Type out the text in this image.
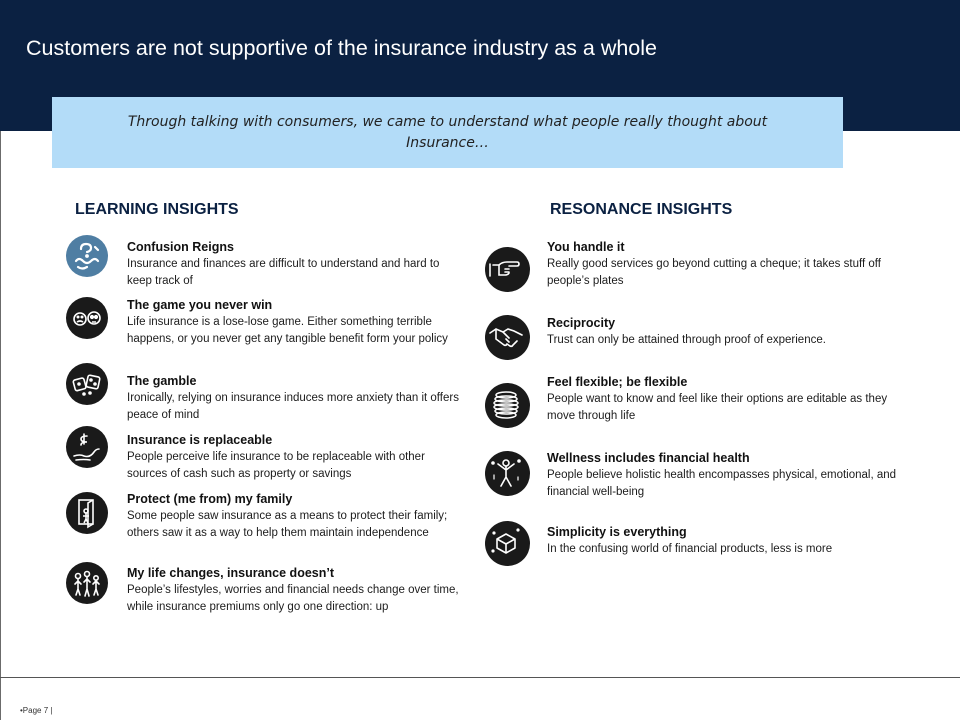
Customers are not supportive of the insurance industry as a whole
Through talking with consumers, we came to understand what people really thought about Insurance…
LEARNING INSIGHTS	RESONANCE INSIGHTS
Confusion Reigns
Insurance and finances are difficult to understand and hard to keep track of
The game you never win
Life insurance is a lose-lose game. Either something terrible happens, or you never get any tangible benefit form your policy
The gamble
Ironically, relying on insurance induces more anxiety than it offers peace of mind
Insurance is replaceable
People perceive life insurance to be replaceable with other sources of cash such as property or savings
Protect (me from) my family
Some people saw insurance as a means to protect their family; others saw it as a way to help them maintain independence
My life changes, insurance doesn’t
People’s lifestyles, worries and financial needs change over time, while insurance premiums only go one direction: up
You handle it
Really good services go beyond cutting a cheque; it takes stuff off people’s plates
Reciprocity
Trust can only be attained through proof of experience.
Feel flexible; be flexible
People want to know and feel like their options are editable as they move through life
Wellness includes financial health
People believe holistic health encompasses physical, emotional, and financial well-being
Simplicity is everything
In the confusing world of financial products, less is more
•Page 7 |
